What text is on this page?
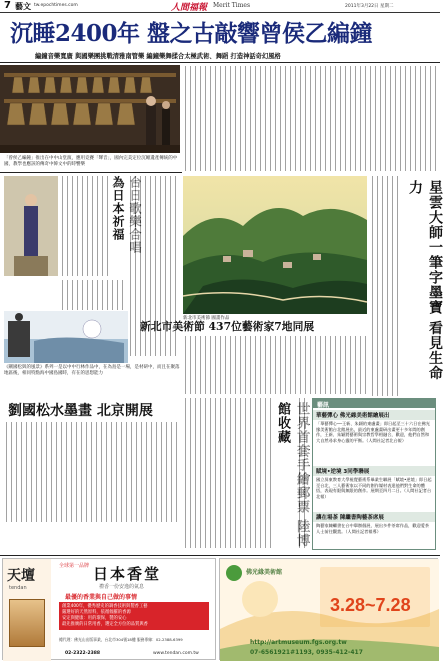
7 藝文 tw.epochtimes.com	人間福報 Merit Times	2011年3月22日 星期二
沉睡2400年 盤之古敲響曾侯乙編鐘
編鐘音樂寬廣 與國樂團挑戰清雅南管樂 編鐘樂舞揉合太極武術、舞蹈 打造神話奇幻風格
「曾侯乙編鐘」推出在中中山堂演，應用竞賽「聲音」，國內完美定位沉睡遺產傳統的中國，教學也應該的傳奇中韓文中的時響樂
為日本祈福
《剛國松與的風景》系列一是以中中行林作品中，在為島是一場，是材研中，而且在聚落地區後，相同特點海中國島國時，有在的思想能力
劉國松水墨畫 北京開展
新北市美術節 國畫作品
新北市美術節 437位藝術家7地同展	星雲大師一筆字墨寶 看見生命力
館收藏
藝訊
華藝彈心 佛光緣美術館繪展出
「華藝彈心──王新、朱穎的東盧畫」即日起至三十六日在佛光緣美術館台北館展出，最近的東盧畫研出畫更十多年間的創作，王新、朱穎將藝術與宗教哲學相融合，歡迎，他們自然和大自然尋求身心靈的平衡。（人間社記者北台報）
賦境•逆境 3同學聯展
國立屏東教育大學視覺藝術系畢業生聯展「賦境•逆境」即日起至台北，三人藝術家以不同的創作媒材表達他們對生命的體悟，表現有限與無限的創作。展期至四月二日。（人間社記者台北報）
讓在場茶 陳繼書陶藝茶席展
陶藝家陳繼書在台中舉辦個展，展出多件茶席作品，歡迎愛茶人士前往觀賞。（人間社記者報導）
天壇
tendan
全球第一品牌 日本香堂
禮香一份安逸的氣息
最優的香業與自己做的事情
創業400年，優秀歷史的調香技術與製香工藝
嚴選好的天然原料，依循伽羅的香源
安定與健康：用的環保，製的安心
最先推廣的日常用香，選定全方位的品質與香
總代理：佛光山出版事業，台北市304號18樓 服務專線：02-2388-6399
02-2322-2388	www.tendan.com.tw
佛光緣美術館
3.28~7.28
http://artmuseum.fgs.org.tw
07-6561921#1193, 0935-412-417
